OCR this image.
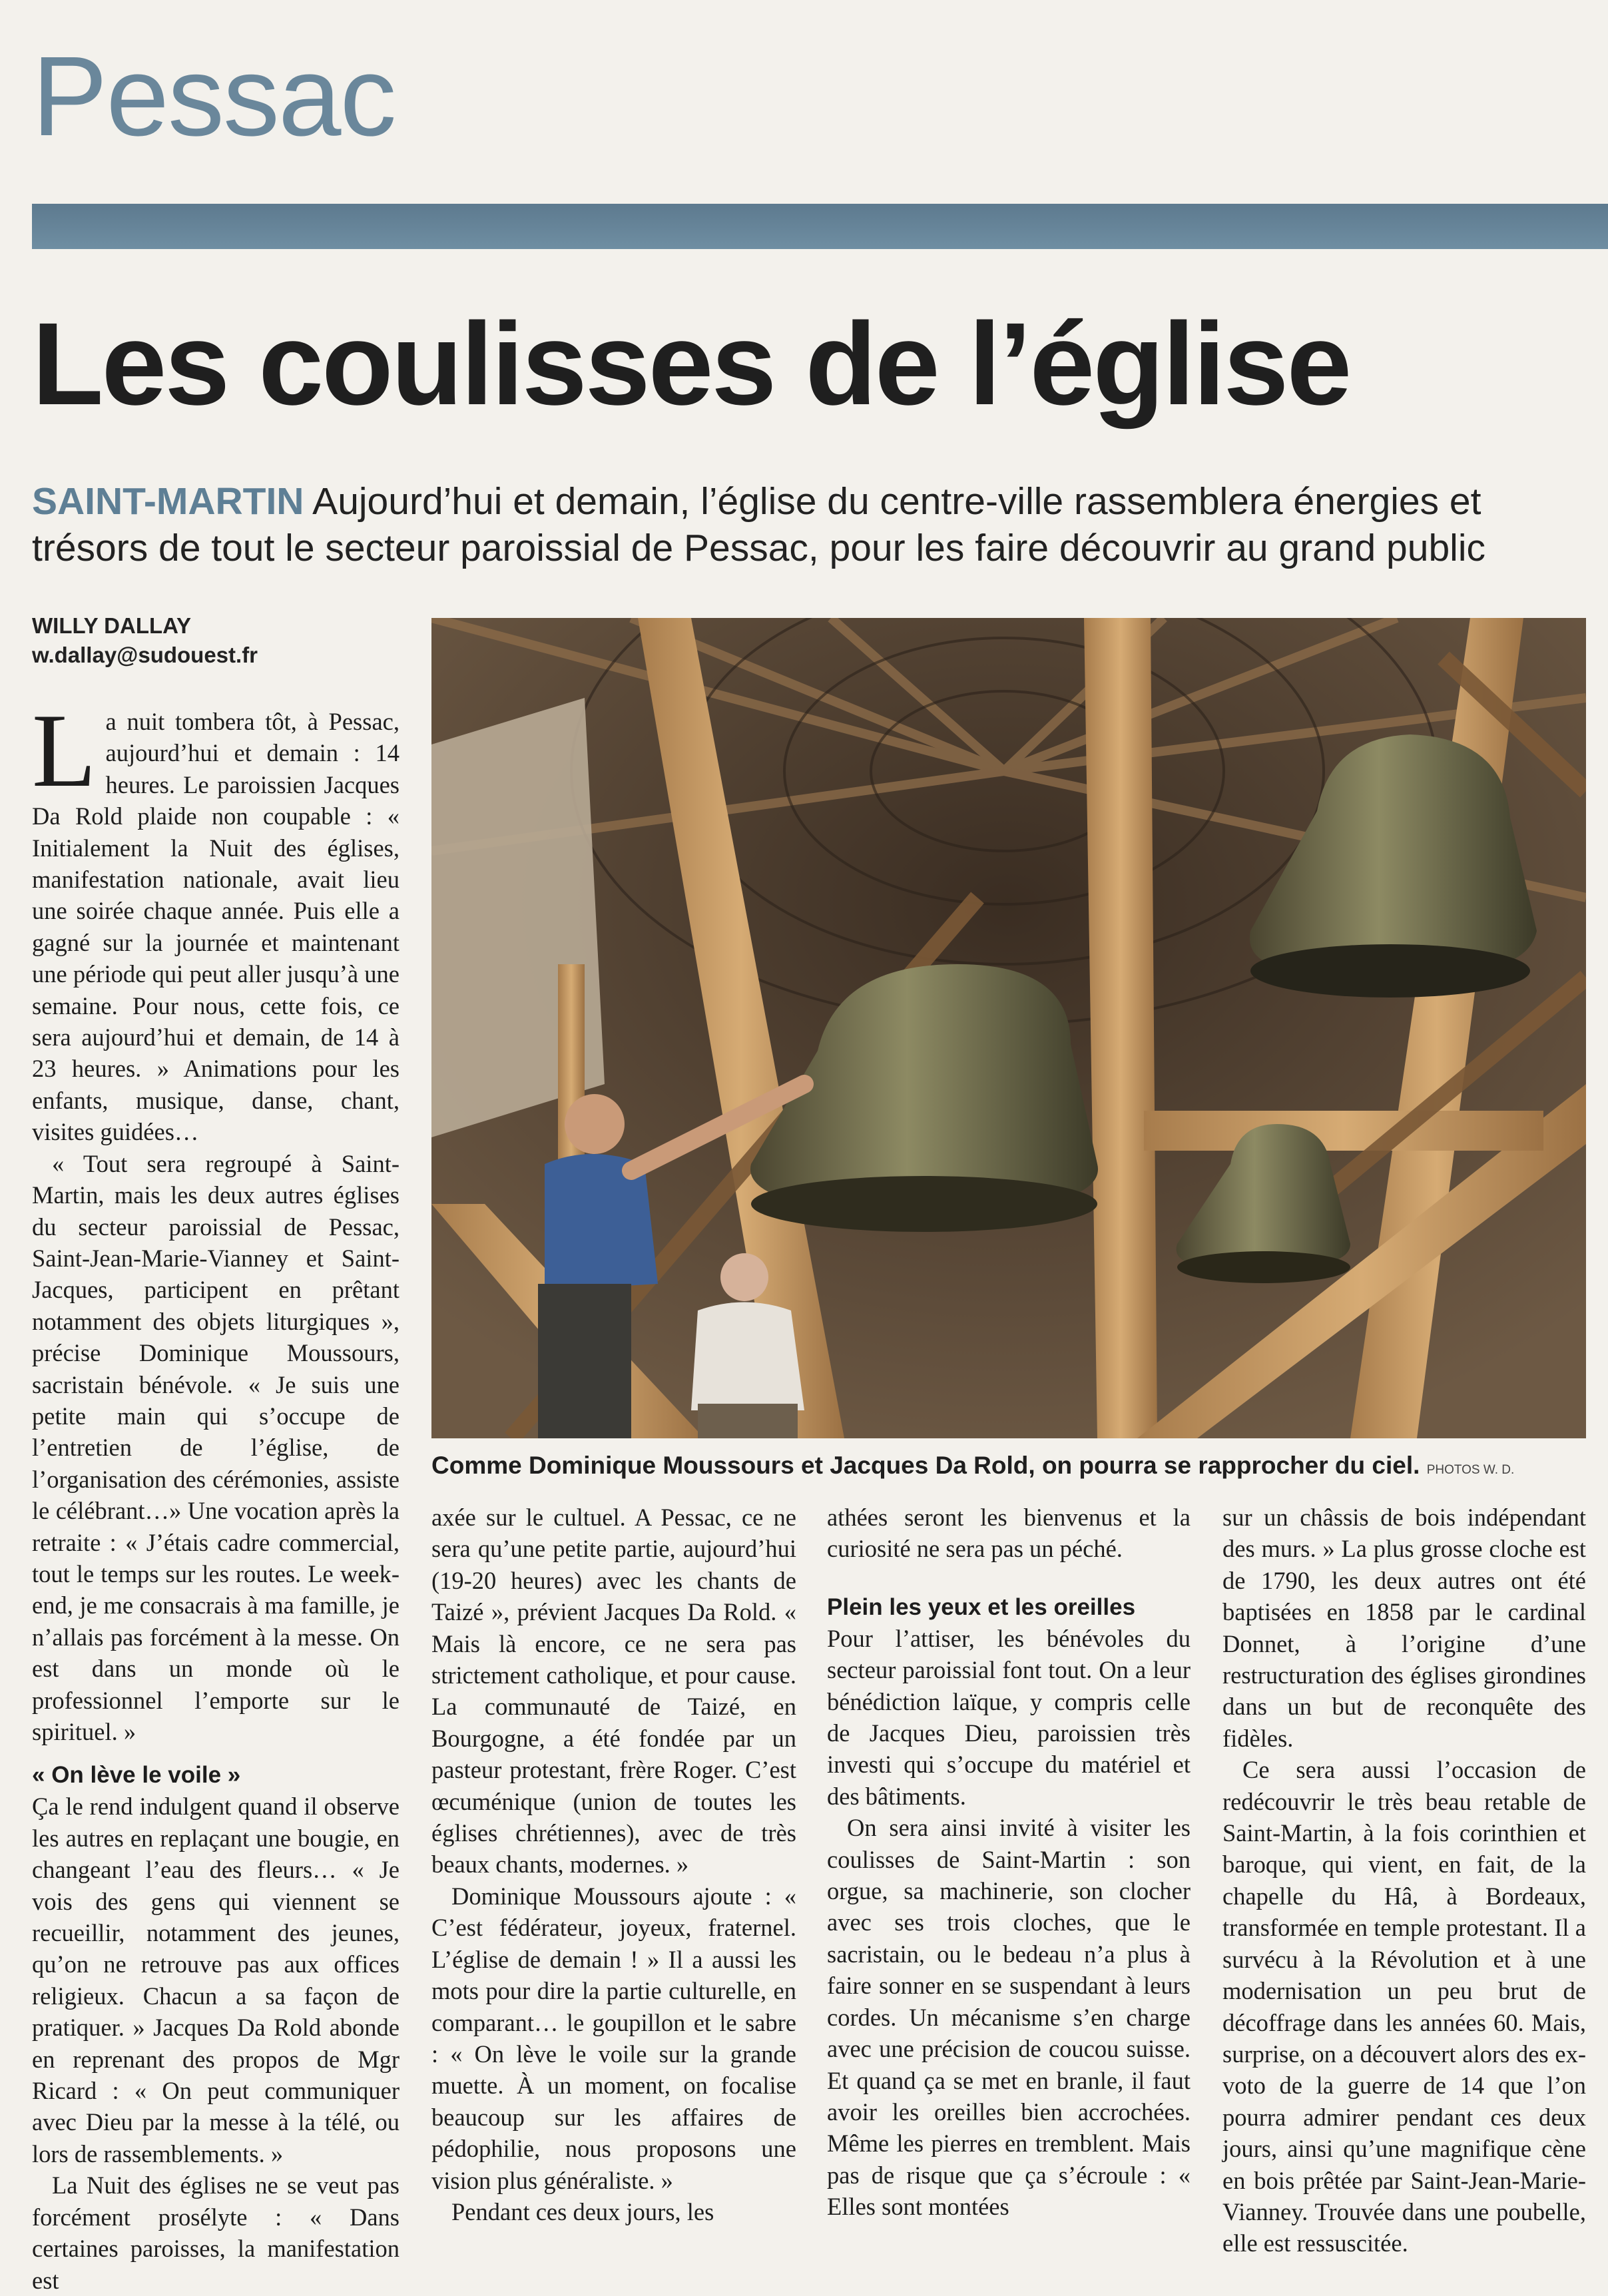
Pessac
Les coulisses de l’église

SAINT-MARTIN Aujourd’hui et demain, l’église du centre-ville rassemblera énergies et trésors de tout le secteur paroissial de Pessac, pour les faire découvrir au grand public

WILLY DALLAY
w.dallay@sudouest.fr

La nuit tombera tôt, à Pessac, aujourd’hui et demain : 14 heures. Le paroissien Jacques Da Rold plaide non coupable : « Initialement la Nuit des églises, manifestation nationale, avait lieu une soirée chaque année. Puis elle a gagné sur la journée et maintenant une période qui peut aller jusqu’à une semaine. Pour nous, cette fois, ce sera aujourd’hui et demain, de 14 à 23 heures. » Animations pour les enfants, musique, danse, chant, visites guidées…

« Tout sera regroupé à Saint-Martin, mais les deux autres églises du secteur paroissial de Pessac, Saint-Jean-Marie-Vianney et Saint-Jacques, participent en prêtant notamment des objets liturgiques », précise Dominique Moussours, sacristain bénévole. « Je suis une petite main qui s’occupe de l’entretien de l’église, de l’organisation des cérémonies, assiste le célébrant…» Une vocation après la retraite : « J’étais cadre commercial, tout le temps sur les routes. Le week-end, je me consacrais à ma famille, je n’allais pas forcément à la messe. On est dans un monde où le professionnel l’emporte sur le spirituel. »

« On lève le voile »

Ça le rend indulgent quand il observe les autres en replaçant une bougie, en changeant l’eau des fleurs… « Je vois des gens qui viennent se recueillir, notamment des jeunes, qu’on ne retrouve pas aux offices religieux. Chacun a sa façon de pratiquer. » Jacques Da Rold abonde en reprenant des propos de Mgr Ricard : « On peut communiquer avec Dieu par la messe à la télé, ou lors de rassemblements. »

La Nuit des églises ne se veut pas forcément prosélyte : « Dans certaines paroisses, la manifestation est

Comme Dominique Moussours et Jacques Da Rold, on pourra se rapprocher du ciel. PHOTOS W. D.

axée sur le cultuel. A Pessac, ce ne sera qu’une petite partie, aujourd’hui (19-20 heures) avec les chants de Taizé », prévient Jacques Da Rold. « Mais là encore, ce ne sera pas strictement catholique, et pour cause. La communauté de Taizé, en Bourgogne, a été fondée par un pasteur protestant, frère Roger. C’est œcuménique (union de toutes les églises chrétiennes), avec de très beaux chants, modernes. »

Dominique Moussours ajoute : « C’est fédérateur, joyeux, fraternel. L’église de demain ! » Il a aussi les mots pour dire la partie culturelle, en comparant… le goupillon et le sabre : « On lève le voile sur la grande muette. À un moment, on focalise beaucoup sur les affaires de pédophilie, nous proposons une vision plus généraliste. »

Pendant ces deux jours, les

athées seront les bienvenus et la curiosité ne sera pas un péché.

Plein les yeux et les oreilles

Pour l’attiser, les bénévoles du secteur paroissial font tout. On a leur bénédiction laïque, y compris celle de Jacques Dieu, paroissien très investi qui s’occupe du matériel et des bâtiments.

On sera ainsi invité à visiter les coulisses de Saint-Martin : son orgue, sa machinerie, son clocher avec ses trois cloches, que le sacristain, ou le bedeau n’a plus à faire sonner en se suspendant à leurs cordes. Un mécanisme s’en charge avec une précision de coucou suisse. Et quand ça se met en branle, il faut avoir les oreilles bien accrochées. Même les pierres en tremblent. Mais pas de risque que ça s’écroule : « Elles sont montées

sur un châssis de bois indépendant des murs. » La plus grosse cloche est de 1790, les deux autres ont été baptisées en 1858 par le cardinal Donnet, à l’origine d’une restructuration des églises girondines dans un but de reconquête des fidèles.

Ce sera aussi l’occasion de redécouvrir le très beau retable de Saint-Martin, à la fois corinthien et baroque, qui vient, en fait, de la chapelle du Hâ, à Bordeaux, transformée en temple protestant. Il a survécu à la Révolution et à une modernisation un peu brut de décoffrage dans les années 60. Mais, surprise, on a découvert alors des ex-voto de la guerre de 14 que l’on pourra admirer pendant ces deux jours, ainsi qu’une magnifique cène en bois prêtée par Saint-Jean-Marie-Vianney. Trouvée dans une poubelle, elle est ressuscitée.
